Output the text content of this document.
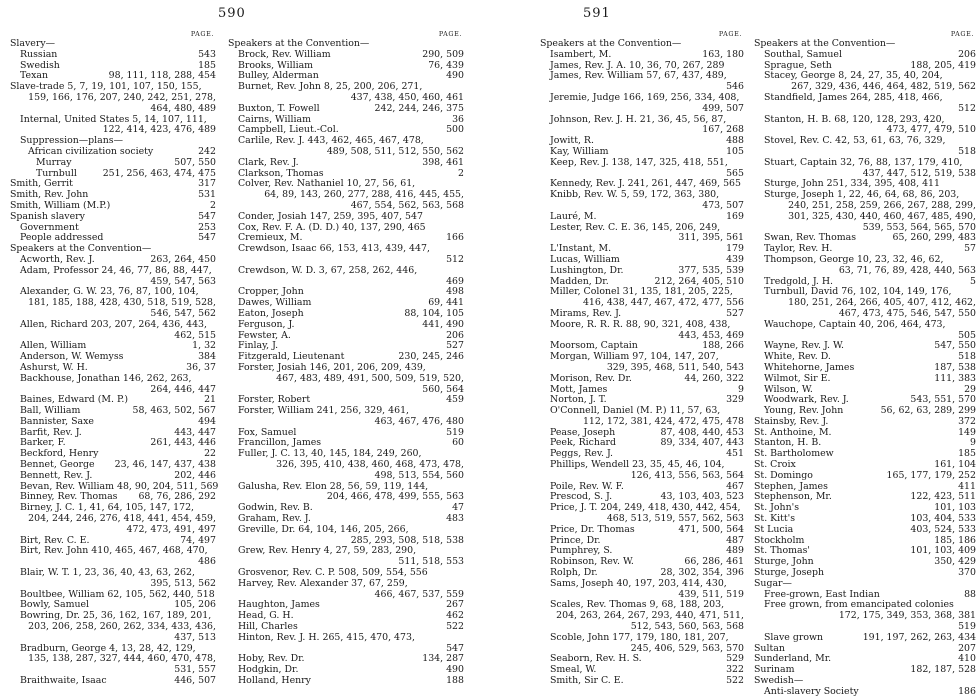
590
PAGE.
Slavery—
543
Russian
185
Swedish
98, 111, 118, 288, 454
Texan
Slave-trade 5, 7, 19, 101, 107, 150, 155,
159, 166, 176, 207, 240, 242, 251, 278,
464, 480, 489
Internal, United States 5, 14, 107, 111,
122, 414, 423, 476, 489
Suppression—plans—
242
African civilization society
507, 550
Murray
251, 256, 463, 474, 475
Turnbull
317
Smith, Gerrit
531
Smith, Rev. John
2
Smith, William (M.P.)
547
Spanish slavery
253
Government
547
People addressed
Speakers at the Convention—
263, 264, 450
Acworth, Rev. J.
Adam, Professor 24, 46, 77, 86, 88, 447,
459, 547, 563
Alexander, G. W. 23, 76, 87, 100, 104,
181, 185, 188, 428, 430, 518, 519, 528,
546, 547, 562
Allen, Richard 203, 207, 264, 436, 443,
462, 515
1, 32
Allen, William
384
Anderson, W. Wemyss
36, 37
Ashurst, W. H.
Backhouse, Jonathan 146, 262, 263,
264, 446, 447
21
Baines, Edward (M. P.)
58, 463, 502, 567
Ball, William
494
Bannister, Saxe
443, 447
Barfit, Rev. J.
261, 443, 446
Barker, F.
22
Beckford, Henry
23, 46, 147, 437, 438
Bennet, George
202, 446
Bennett, Rev. J.
Bevan, Rev. William 48, 90, 204, 511, 569
68, 76, 286, 292
Binney, Rev. Thomas
Birney, J. C. 1, 41, 64, 105, 147, 172,
204, 244, 246, 276, 418, 441, 454, 459,
472, 473, 491, 497
74, 497
Birt, Rev. C. E.
Birt, Rev. John 410, 465, 467, 468, 470,
486
Blair, W. T. 1, 23, 36, 40, 43, 63, 262,
395, 513, 562
Boultbee, William 62, 105, 562, 440, 518
105, 206
Bowly, Samuel
Bowring, Dr. 25, 36, 162, 167, 189, 201,
203, 206, 258, 260, 262, 334, 433, 436,
437, 513
Bradburn, George 4, 13, 28, 42, 129,
135, 138, 287, 327, 444, 460, 470, 478,
531, 557
446, 507
Braithwaite, Isaac
PAGE.
Speakers at the Convention—
290, 509
Brock, Rev. William
76, 439
Brooks, William
490
Bulley, Alderman
Burnet, Rev. John 8, 25, 200, 206, 271,
437, 438, 450, 460, 461
242, 244, 246, 375
Buxton, T. Fowell
36
Cairns, William
500
Campbell, Lieut.-Col.
Carlile, Rev. J. 443, 462, 465, 467, 478,
489, 508, 511, 512, 550, 562
398, 461
Clark, Rev. J.
2
Clarkson, Thomas
Colver, Rev. Nathaniel 10, 27, 56, 61,
64, 89, 143, 260, 277, 288, 416, 445, 455,
467, 554, 562, 563, 568
Conder, Josiah 147, 259, 395, 407, 547
Cox, Rev. F. A. (D. D.) 40, 137, 290, 465
166
Cremieux, M.
Crewdson, Isaac 66, 153, 413, 439, 447,
512
Crewdson, W. D. 3, 67, 258, 262, 446,
469
498
Cropper, John
69, 441
Dawes, William
88, 104, 105
Eaton, Joseph
441, 490
Ferguson, J.
206
Fewster, A.
527
Finlay, J.
230, 245, 246
Fitzgerald, Lieutenant
Forster, Josiah 146, 201, 206, 209, 439,
467, 483, 489, 491, 500, 509, 519, 520,
560, 564
459
Forster, Robert
Forster, William 241, 256, 329, 461,
463, 467, 476, 480
519
Fox, Samuel
60
Francillon, James
Fuller, J. C. 13, 40, 145, 184, 249, 260,
326, 395, 410, 438, 460, 468, 473, 478,
498, 513, 554, 560
Galusha, Rev. Elon 28, 56, 59, 119, 144,
204, 466, 478, 499, 555, 563
47
Godwin, Rev. B.
483
Graham, Rev. J.
Greville, Dr. 64, 104, 146, 205, 266,
285, 293, 508, 518, 538
Grew, Rev. Henry 4, 27, 59, 283, 290,
511, 518, 553
Grosvenor, Rev. C. P. 508, 509, 554, 556
Harvey, Rev. Alexander 37, 67, 259,
466, 467, 537, 559
267
Haughton, James
462
Head, G. H.
522
Hill, Charles
Hinton, Rev. J. H. 265, 415, 470, 473,
547
134, 287
Hoby, Rev. Dr.
490
Hodgkin, Dr.
188
Holland, Henry
591
PAGE.
Speakers at the Convention—
163, 180
Isambert, M.
James, Rev. J. A. 10, 36, 70, 267, 289
James, Rev. William 57, 67, 437, 489,
546
Jeremie, Judge 166, 169, 256, 334, 408,
499, 507
Johnson, Rev. J. H. 21, 36, 45, 56, 87,
167, 268
488
Jowitt, R.
105
Kay, William
Keep, Rev. J. 138, 147, 325, 418, 551,
565
Kennedy, Rev. J. 241, 261, 447, 469, 565
Knibb, Rev. W. 5, 59, 172, 363, 380,
473, 507
169
Lauré, M.
Lester, Rev. C. E. 36, 145, 206, 249,
311, 395, 561
179
L'Instant, M.
439
Lucas, William
377, 535, 539
Lushington, Dr.
212, 264, 405, 510
Madden, Dr.
Miller, Colonel 31, 135, 181, 205, 225,
416, 438, 447, 467, 472, 477, 556
527
Mirams, Rev. J.
Moore, R. R. R. 88, 90, 321, 408, 438,
443, 453, 469
188, 266
Moorsom, Captain
Morgan, William 97, 104, 147, 207,
329, 395, 468, 511, 540, 543
44, 260, 322
Morison, Rev. Dr.
9
Mott, James
329
Norton, J. T.
O'Connell, Daniel (M. P.) 11, 57, 63,
112, 172, 381, 424, 472, 475, 478
87, 408, 440, 453
Pease, Joseph
89, 334, 407, 443
Peek, Richard
451
Peggs, Rev. J.
Phillips, Wendell 23, 35, 45, 46, 104,
126, 413, 556, 563, 564
467
Poile, Rev. W. F.
43, 103, 403, 523
Prescod, S. J.
Price, J. T. 204, 249, 418, 430, 442, 454,
468, 513, 519, 557, 562, 563
471, 500, 564
Price, Dr. Thomas
487
Prince, Dr.
489
Pumphrey, S.
66, 286, 461
Robinson, Rev. W.
28, 302, 354, 396
Rolph, Dr.
Sams, Joseph 40, 197, 203, 414, 430,
439, 511, 519
Scales, Rev. Thomas 9, 68, 188, 203,
204, 263, 264, 267, 293, 440, 471, 511,
512, 543, 560, 563, 568
Scoble, John 177, 179, 180, 181, 207,
245, 406, 529, 563, 570
529
Seaborn, Rev. H. S.
322
Smeal, W.
522
Smith, Sir C. E.
PAGE.
Speakers at the Convention—
206
Southal, Samuel
188, 205, 419
Sprague, Seth
Stacey, George 8, 24, 27, 35, 40, 204,
267, 329, 436, 446, 464, 482, 519, 562
Standfield, James 264, 285, 418, 466,
512
Stanton, H. B. 68, 120, 128, 293, 420,
473, 477, 479, 510
Stovel, Rev. C. 42, 53, 61, 63, 76, 329,
518
Stuart, Captain 32, 76, 88, 137, 179, 410,
437, 447, 512, 519, 538
Sturge, John 251, 334, 395, 408, 411
Sturge, Joseph 1, 22, 46, 64, 68, 86, 203,
240, 251, 258, 259, 266, 267, 288, 299,
301, 325, 430, 440, 460, 467, 485, 490,
539, 553, 564, 565, 570
65, 260, 299, 483
Swan, Rev. Thomas
57
Taylor, Rev. H.
Thompson, George 10, 23, 32, 46, 62,
63, 71, 76, 89, 428, 440, 563
5
Tredgold, J. H.
Turnbull, David 76, 102, 104, 149, 176,
180, 251, 264, 266, 405, 407, 412, 462,
467, 473, 475, 546, 547, 550
Wauchope, Captain 40, 206, 464, 473,
505
547, 550
Wayne, Rev. J. W.
518
White, Rev. D.
187, 538
Whitehorne, James
111, 383
Wilmot, Sir E.
29
Wilson, W.
543, 551, 570
Woodwark, Rev. J.
56, 62, 63, 289, 299
Young, Rev. John
372
Stainsby, Rev. J.
149
St. Anthoine, M.
9
Stanton, H. B.
185
St. Bartholomew
161, 104
St. Croix
165, 177, 179, 252
St. Domingo
411
Stephen, James
122, 423, 511
Stephenson, Mr.
101, 103
St. John's
103, 404, 533
St. Kitt's
403, 524, 533
St Lucia
185, 186
Stockholm
101, 103, 409
St. Thomas'
350, 429
Sturge, John
370
Sturge, Joseph
Sugar—
88
Free-grown, East Indian
Free grown, from emancipated colonies
172, 175, 349, 353, 368, 381
519
191, 197, 262, 263, 434
Slave grown
207
Sultan
410
Sunderland, Mr.
182, 187, 528
Surinam
Swedish—
186
Anti-slavery Society
